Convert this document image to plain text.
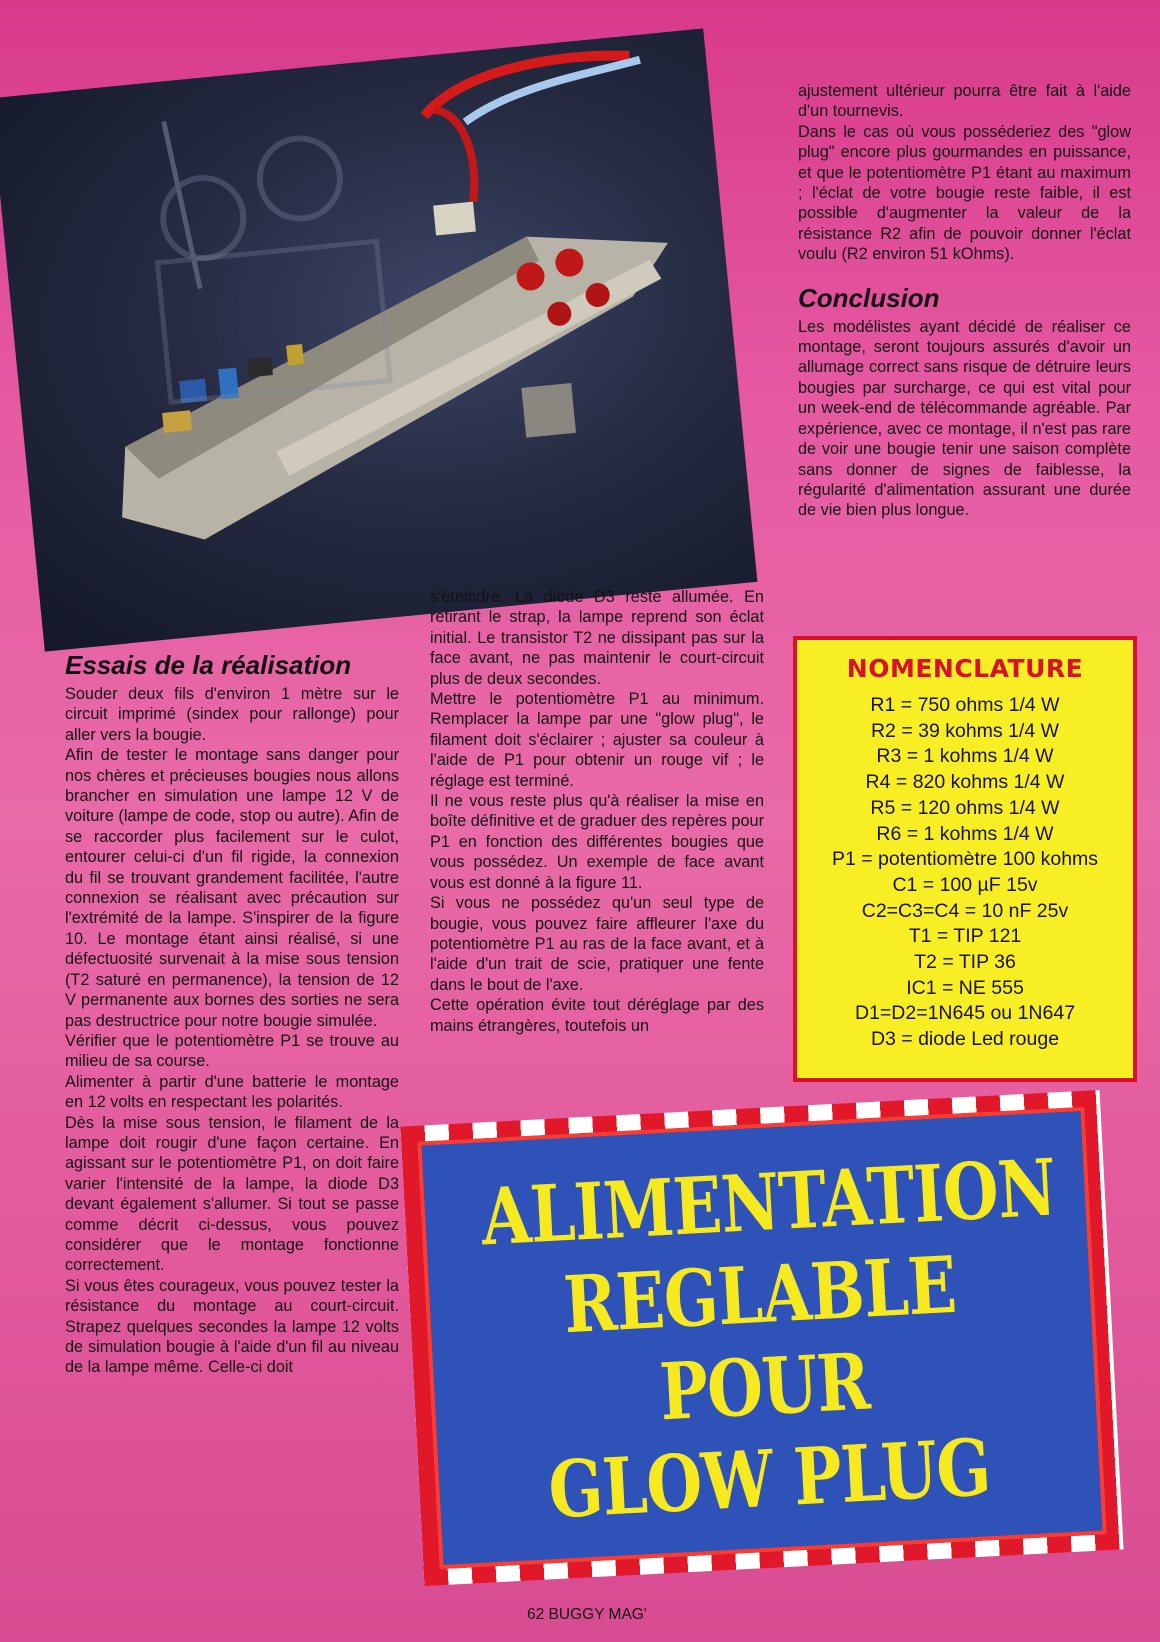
Essais de la réalisation

Souder deux fils d'environ 1 mètre sur le circuit imprimé (sindex pour rallonge) pour aller vers la bougie.

Afin de tester le montage sans danger pour nos chères et précieuses bougies nous allons brancher en simulation une lampe 12 V de voiture (lampe de code, stop ou autre). Afin de se raccorder plus facilement sur le culot, entourer celui-ci d'un fil rigide, la connexion du fil se trouvant grandement facilitée, l'autre connexion se réalisant avec précaution sur l'extrémité de la lampe. S'inspirer de la figure 10. Le montage étant ainsi réalisé, si une défectuosité survenait à la mise sous tension (T2 saturé en permanence), la tension de 12 V permanente aux bornes des sorties ne sera pas destructrice pour notre bougie simulée.

Vérifier que le potentiomètre P1 se trouve au milieu de sa course.

Alimenter à partir d'une batterie le montage en 12 volts en respectant les polarités.

Dès la mise sous tension, le filament de la lampe doit rougir d'une façon certaine. En agissant sur le potentiomètre P1, on doit faire varier l'intensité de la lampe, la diode D3 devant également s'allumer. Si tout se passe comme décrit ci-dessus, vous pouvez considérer que le montage fonctionne correctement.

Si vous êtes courageux, vous pouvez tester la résistance du montage au court-circuit. Strapez quelques secondes la lampe 12 volts de simulation bougie à l'aide d'un fil au niveau de la lampe même. Celle-ci doit

s'éteindre. La diode D3 reste allumée. En retirant le strap, la lampe reprend son éclat initial. Le transistor T2 ne dissipant pas sur la face avant, ne pas maintenir le court-circuit plus de deux secondes.

Mettre le potentiomètre P1 au minimum. Remplacer la lampe par une "glow plug", le filament doit s'éclairer ; ajuster sa couleur à l'aide de P1 pour obtenir un rouge vif ; le réglage est terminé.

Il ne vous reste plus qu'à réaliser la mise en boîte définitive et de graduer des repères pour P1 en fonction des différentes bougies que vous possédez. Un exemple de face avant vous est donné à la figure 11.

Si vous ne possédez qu'un seul type de bougie, vous pouvez faire affleurer l'axe du potentiomètre P1 au ras de la face avant, et à l'aide d'un trait de scie, pratiquer une fente dans le bout de l'axe.

Cette opération évite tout déréglage par des mains étrangères, toutefois un

ajustement ultérieur pourra être fait à l'aide d'un tournevis.

Dans le cas où vous posséderiez des "glow plug" encore plus gourmandes en puissance, et que le potentiomètre P1 étant au maximum ; l'éclat de votre bougie reste faible, il est possible d'augmenter la valeur de la résistance R2 afin de pouvoir donner l'éclat voulu (R2 environ 51 kOhms).

Conclusion

Les modélistes ayant décidé de réaliser ce montage, seront toujours assurés d'avoir un allumage correct sans risque de détruire leurs bougies par surcharge, ce qui est vital pour un week-end de télécommande agréable. Par expérience, avec ce montage, il n'est pas rare de voir une bougie tenir une saison complète sans donner de signes de faiblesse, la régularité d'alimentation assurant une durée de vie bien plus longue.

NOMENCLATURE
R1 = 750 ohms 1/4 W
R2 = 39 kohms 1/4 W
R3 = 1 kohms 1/4 W
R4 = 820 kohms 1/4 W
R5 = 120 ohms 1/4 W
R6 = 1 kohms 1/4 W
P1 = potentiomètre 100 kohms
C1 = 100 µF 15v
C2=C3=C4 = 10 nF 25v
T1 = TIP 121
T2 = TIP 36
IC1 = NE 555
D1=D2=1N645 ou 1N647
D3 = diode Led rouge
ALIMENTATION
REGLABLE POUR
GLOW PLUG
62 BUGGY MAG'
